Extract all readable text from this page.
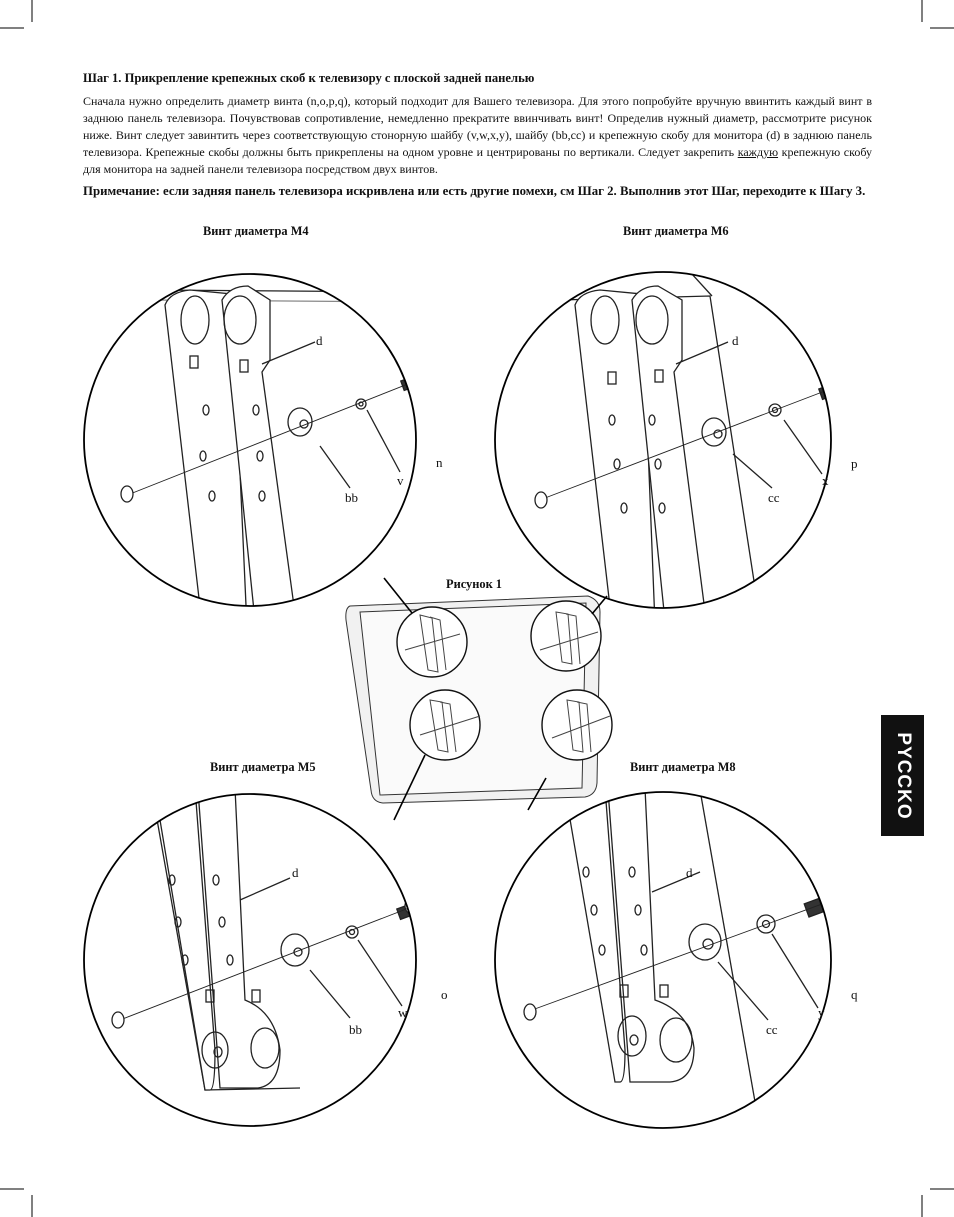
Шаг 1. Прикрепление крепежных скоб к телевизору с плоской задней панелью
Сначала нужно определить диаметр винта (n,o,p,q), который подходит для Вашего телевизора. Для этого попробуйте вручную ввинтить каждый винт в заднюю панель телевизора. Почувствовав сопротивление, немедленно прекратите ввинчивать винт! Определив нужный диаметр, рассмотрите рисунок ниже. Винт следует завинтить через соответствующую стонорную шайбу (v,w,x,y), шайбу (bb,cc) и крепежную скобу для монитора (d) в заднюю панель телевизора. Крепежные скобы должны быть прикреплены на одном уровне и центрированы по вертикали. Следует закрепить каждую крепежную скобу для монитора на задней панели телевизора посредством двух винтов.
Примечание: если задняя панель телевизора искривлена или есть другие помехи, см Шаг 2. Выполнив этот Шаг, переходите к Шагу 3.
Винт диаметра М4	Винт диаметра М6
Винт диаметра М5	Винт диаметра М8
Рисунок 1
d
bb
v
n
d
cc
x
p
d
bb
w
o
d
cc
y
q
PYCCKO
